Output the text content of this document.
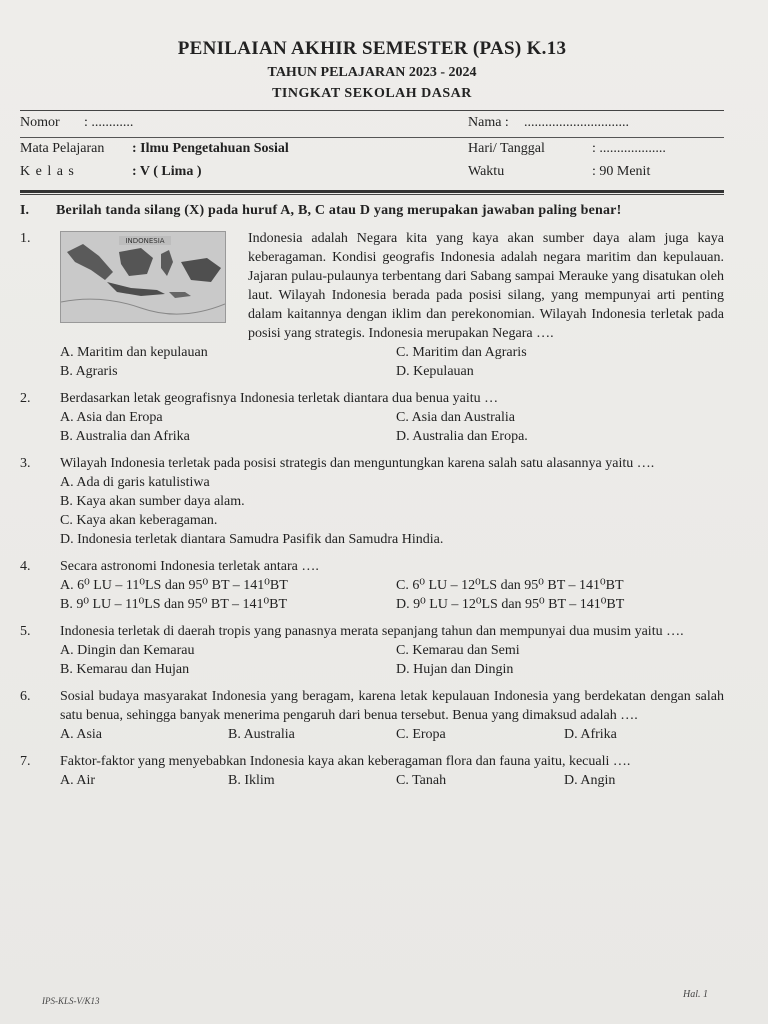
PENILAIAN AKHIR SEMESTER (PAS) K.13
TAHUN PELAJARAN 2023 - 2024
TINGKAT SEKOLAH DASAR
Nomor	: ............	Nama :	..............................
Mata Pelajaran	: Ilmu Pengetahuan Sosial	Hari/ Tanggal	: ...................
K e l a s	: V ( Lima )	Waktu	: 90 Menit
I.	Berilah tanda silang (X) pada huruf A, B, C atau D yang merupakan jawaban paling benar!
1.	INDONESIA	Indonesia adalah Negara kita yang kaya akan sumber daya alam juga kaya keberagaman. Kondisi geografis Indonesia adalah negara maritim dan kepulauan. Jajaran pulau-pulaunya terbentang dari Sabang sampai Merauke yang disatukan oleh laut. Wilayah Indonesia berada pada posisi silang, yang mempunyai arti penting dalam kaitannya dengan iklim dan perekonomian. Wilayah Indonesia terletak pada posisi yang strategis. Indonesia merupakan Negara ….
A. Maritim dan kepulauan	C. Maritim dan Agraris
B. Agraris	D. Kepulauan
2.	Berdasarkan letak geografisnya Indonesia terletak diantara dua benua yaitu …
A. Asia dan Eropa	C. Asia dan Australia
B. Australia dan Afrika	D. Australia dan Eropa.
3.	Wilayah Indonesia terletak pada posisi strategis dan menguntungkan karena salah satu alasannya yaitu ….
A. Ada di garis katulistiwa
B. Kaya akan sumber daya alam.
C. Kaya akan keberagaman.
D. Indonesia terletak diantara Samudra Pasifik dan Samudra Hindia.
4.	Secara astronomi Indonesia terletak antara ….
A. 6⁰ LU – 11⁰LS dan 95⁰ BT – 141⁰BT	C. 6⁰ LU – 12⁰LS dan 95⁰ BT – 141⁰BT
B. 9⁰ LU – 11⁰LS dan 95⁰ BT – 141⁰BT	D. 9⁰ LU – 12⁰LS dan 95⁰ BT – 141⁰BT
5.	Indonesia terletak di daerah tropis yang panasnya merata sepanjang tahun dan mempunyai dua musim yaitu ….
A. Dingin dan Kemarau	C. Kemarau dan Semi
B. Kemarau dan Hujan	D. Hujan dan Dingin
6.	Sosial budaya masyarakat Indonesia yang beragam, karena letak kepulauan Indonesia yang berdekatan dengan salah satu benua, sehingga banyak menerima pengaruh dari benua tersebut. Benua yang dimaksud adalah ….
A. Asia	B. Australia	C. Eropa	D. Afrika
7.	Faktor-faktor yang menyebabkan Indonesia kaya akan keberagaman flora dan fauna yaitu, kecuali ….
A. Air	B. Iklim	C. Tanah	D. Angin
IPS-KLS-V/K13
Hal. 1
